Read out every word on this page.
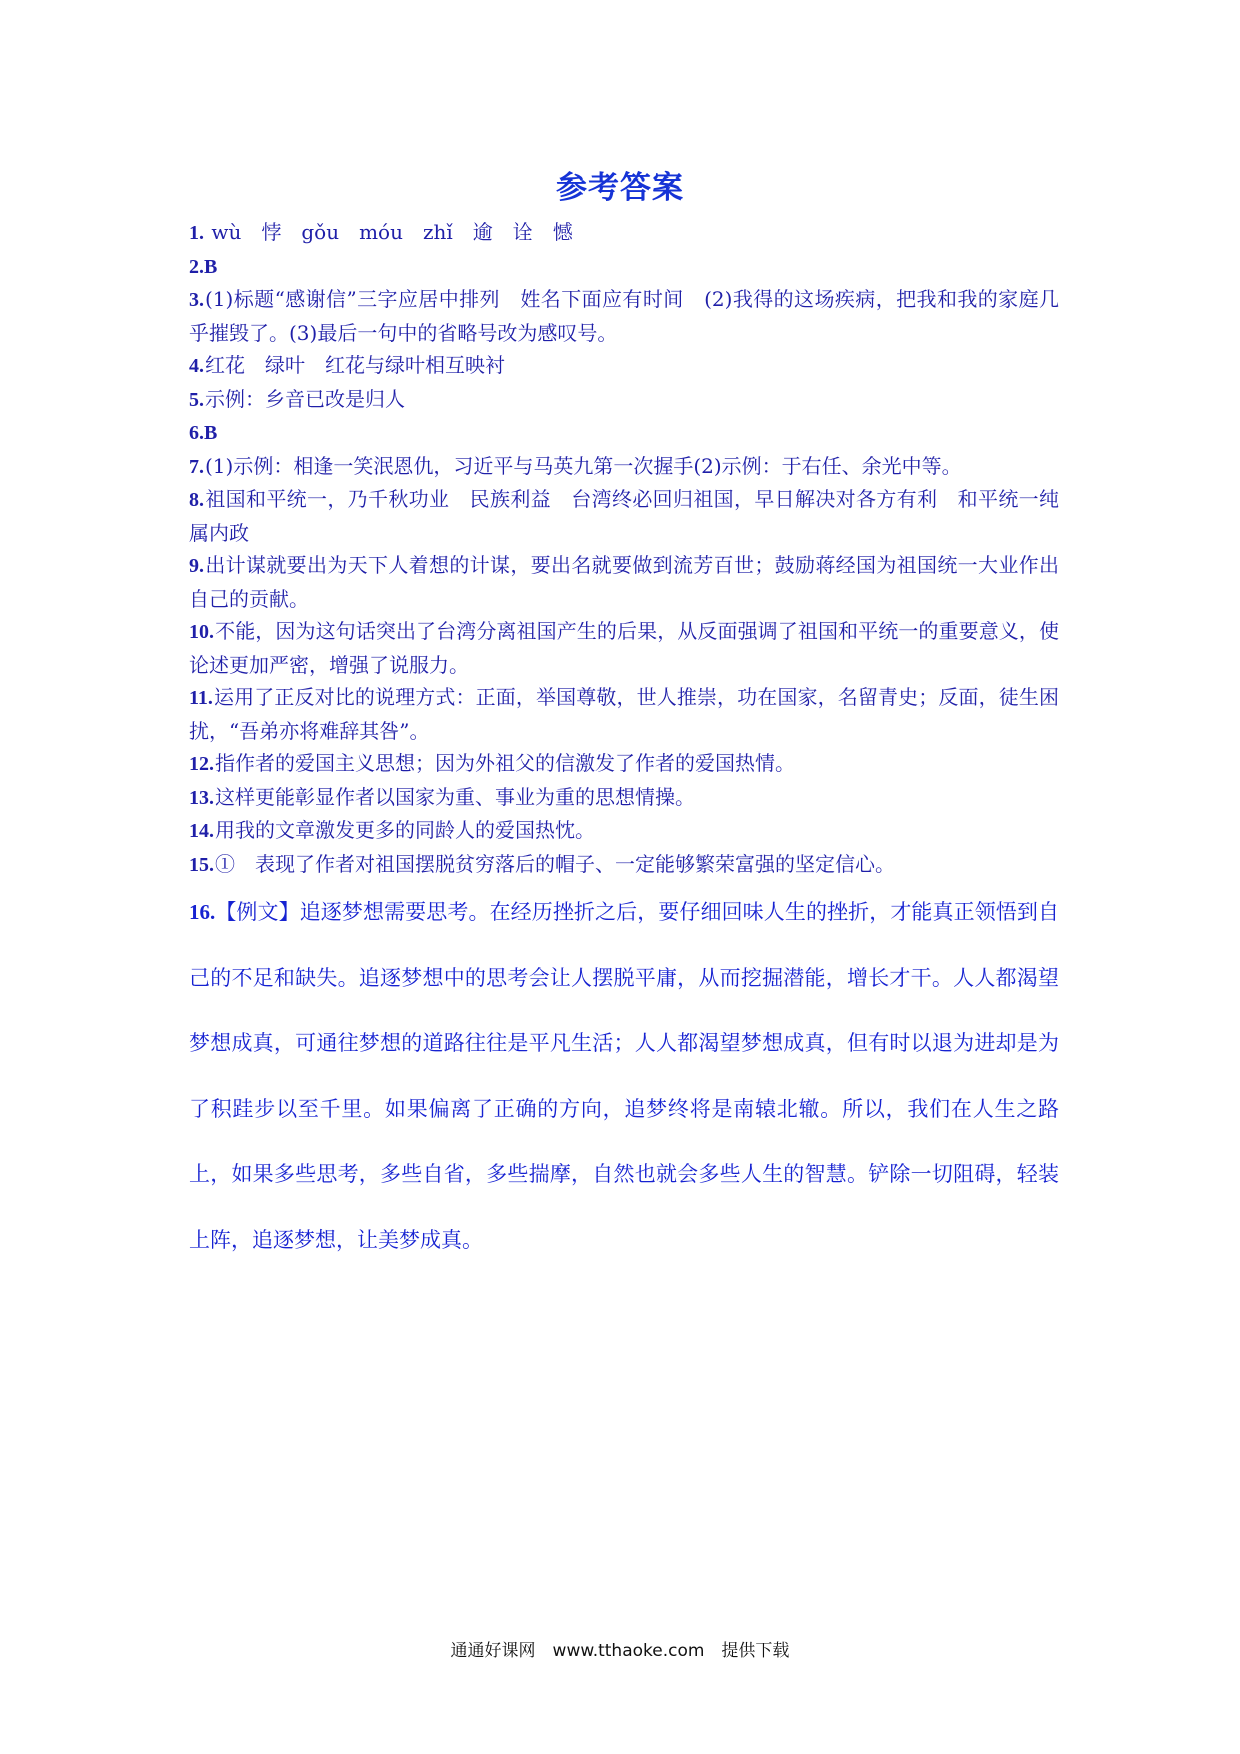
参考答案

1. wù　悖　gǒu　móu　zhǐ　逾　诠　憾

2.B

3.(1)标题“感谢信”三字应居中排列　姓名下面应有时间　(2)我得的这场疾病，把我和我的家庭几乎摧毁了。(3)最后一句中的省略号改为感叹号。

4.红花　绿叶　红花与绿叶相互映衬

5.示例：乡音已改是归人

6.B

7.(1)示例：相逢一笑泯恩仇，习近平与马英九第一次握手(2)示例：于右任、余光中等。

8.祖国和平统一，乃千秋功业　民族利益　台湾终必回归祖国，早日解决对各方有利　和平统一纯属内政

9.出计谋就要出为天下人着想的计谋，要出名就要做到流芳百世；鼓励蒋经国为祖国统一大业作出自己的贡献。

10.不能，因为这句话突出了台湾分离祖国产生的后果，从反面强调了祖国和平统一的重要意义，使论述更加严密，增强了说服力。

11.运用了正反对比的说理方式：正面，举国尊敬，世人推崇，功在国家，名留青史；反面，徒生困扰，“吾弟亦将难辞其咎”。

12.指作者的爱国主义思想；因为外祖父的信激发了作者的爱国热情。

13.这样更能彰显作者以国家为重、事业为重的思想情操。

14.用我的文章激发更多的同龄人的爱国热忱。

15.①　表现了作者对祖国摆脱贫穷落后的帽子、一定能够繁荣富强的坚定信心。

16.【例文】追逐梦想需要思考。在经历挫折之后，要仔细回味人生的挫折，才能真正领悟到自己的不足和缺失。追逐梦想中的思考会让人摆脱平庸，从而挖掘潜能，增长才干。人人都渴望梦想成真，可通往梦想的道路往往是平凡生活；人人都渴望梦想成真，但有时以退为进却是为了积跬步以至千里。如果偏离了正确的方向，追梦终将是南辕北辙。所以，我们在人生之路上，如果多些思考，多些自省，多些揣摩，自然也就会多些人生的智慧。铲除一切阻碍，轻装上阵，追逐梦想，让美梦成真。

通通好课网　www.tthaoke.com　提供下载
